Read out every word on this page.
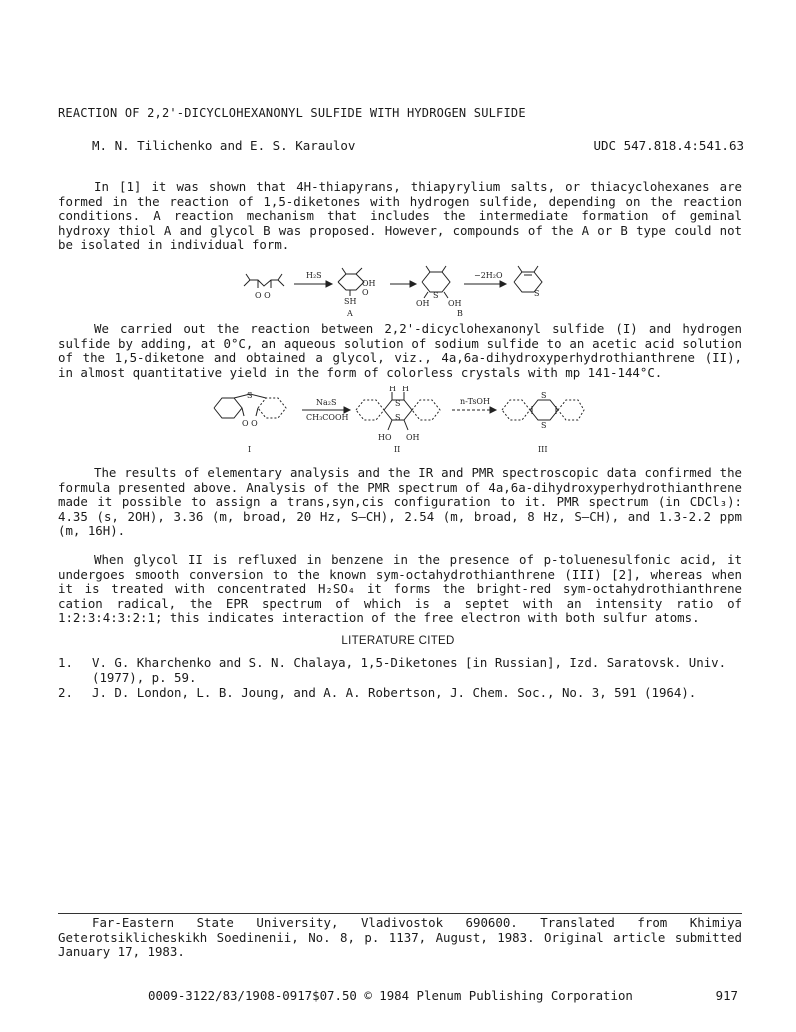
REACTION OF 2,2'-DICYCLOHEXANONYL SULFIDE WITH HYDROGEN SULFIDE
M. N. Tilichenko and E. S. Karaulov	UDC 547.818.4:541.63

In [1] it was shown that 4H-thiapyrans, thiapyrylium salts, or thiacyclohexanes are formed in the reaction of 1,5-diketones with hydrogen sulfide, depending on the reaction conditions. A reaction mechanism that includes the intermediate formation of geminal hydroxy thiol A and glycol B was proposed. However, compounds of the A or B type could not be isolated in individual form.

H₂S
O O
OH
O
SH
S
OH OH
−2H₂O
S
A	B

We carried out the reaction between 2,2'-dicyclohexanonyl sulfide (I) and hydrogen sulfide by adding, at 0°C, an aqueous solution of sodium sulfide to an acetic acid solution of the 1,5-diketone and obtained a glycol, viz., 4a,6a-dihydroxyperhydrothianthrene (II), in almost quantitative yield in the form of colorless crystals with mp 141-144°C.

S
O O
Na₂S
CH₃COOH
H H
S
S
HO OH
n-TsOH
S
S
I	II	III

The results of elementary analysis and the IR and PMR spectroscopic data confirmed the formula presented above. Analysis of the PMR spectrum of 4a,6a-dihydroxyperhydrothianthrene made it possible to assign a trans,syn,cis configuration to it. PMR spectrum (in CDCl₃): 4.35 (s, 2OH), 3.36 (m, broad, 20 Hz, S—CH), 2.54 (m, broad, 8 Hz, S—CH), and 1.3-2.2 ppm (m, 16H).

When glycol II is refluxed in benzene in the presence of p-toluenesulfonic acid, it undergoes smooth conversion to the known sym-octahydrothianthrene (III) [2], whereas when it is treated with concentrated H₂SO₄ it forms the bright-red sym-octahydrothianthrene cation radical, the EPR spectrum of which is a septet with an intensity ratio of 1:2:3:4:3:2:1; this indicates interaction of the free electron with both sulfur atoms.

LITERATURE CITED
1. V. G. Kharchenko and S. N. Chalaya, 1,5-Diketones [in Russian], Izd. Saratovsk. Univ. (1977), p. 59.
2. J. D. London, L. B. Joung, and A. A. Robertson, J. Chem. Soc., No. 3, 591 (1964).
Far-Eastern State University, Vladivostok 690600. Translated from Khimiya Geterotsiklicheskikh Soedinenii, No. 8, p. 1137, August, 1983. Original article submitted January 17, 1983.
0009-3122/83/1908-0917$07.50 © 1984 Plenum Publishing Corporation	917
